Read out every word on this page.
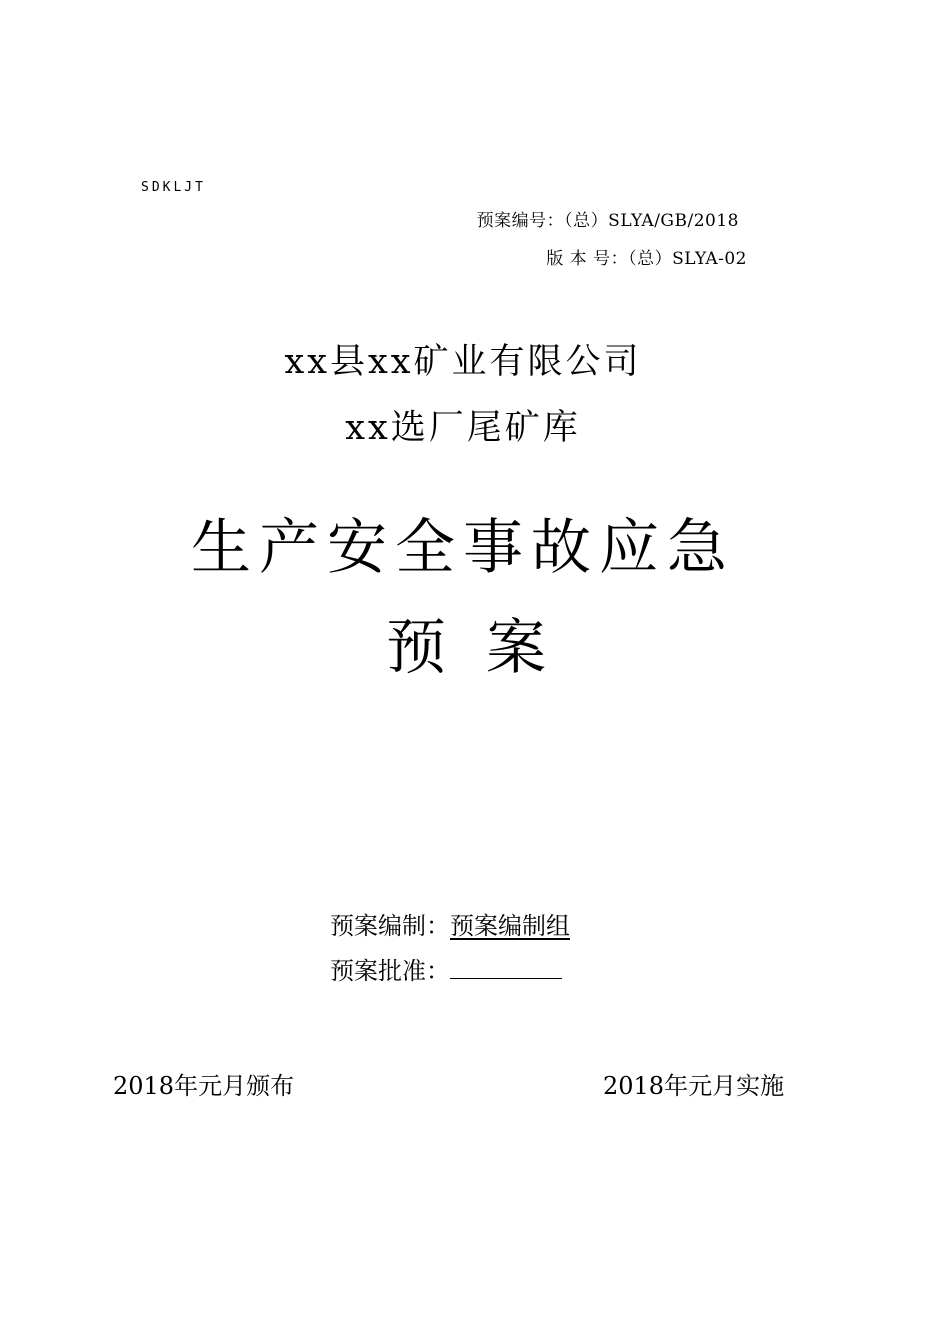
SDKLJT
预案编号：（总）SLYA/GB/2018
版 本 号：（总）SLYA-02
xx县xx矿业有限公司
xx选厂尾矿库
生产安全事故应急
预案
预案编制：预案编制组
预案批准：
2018年元月颁布	2018年元月实施
